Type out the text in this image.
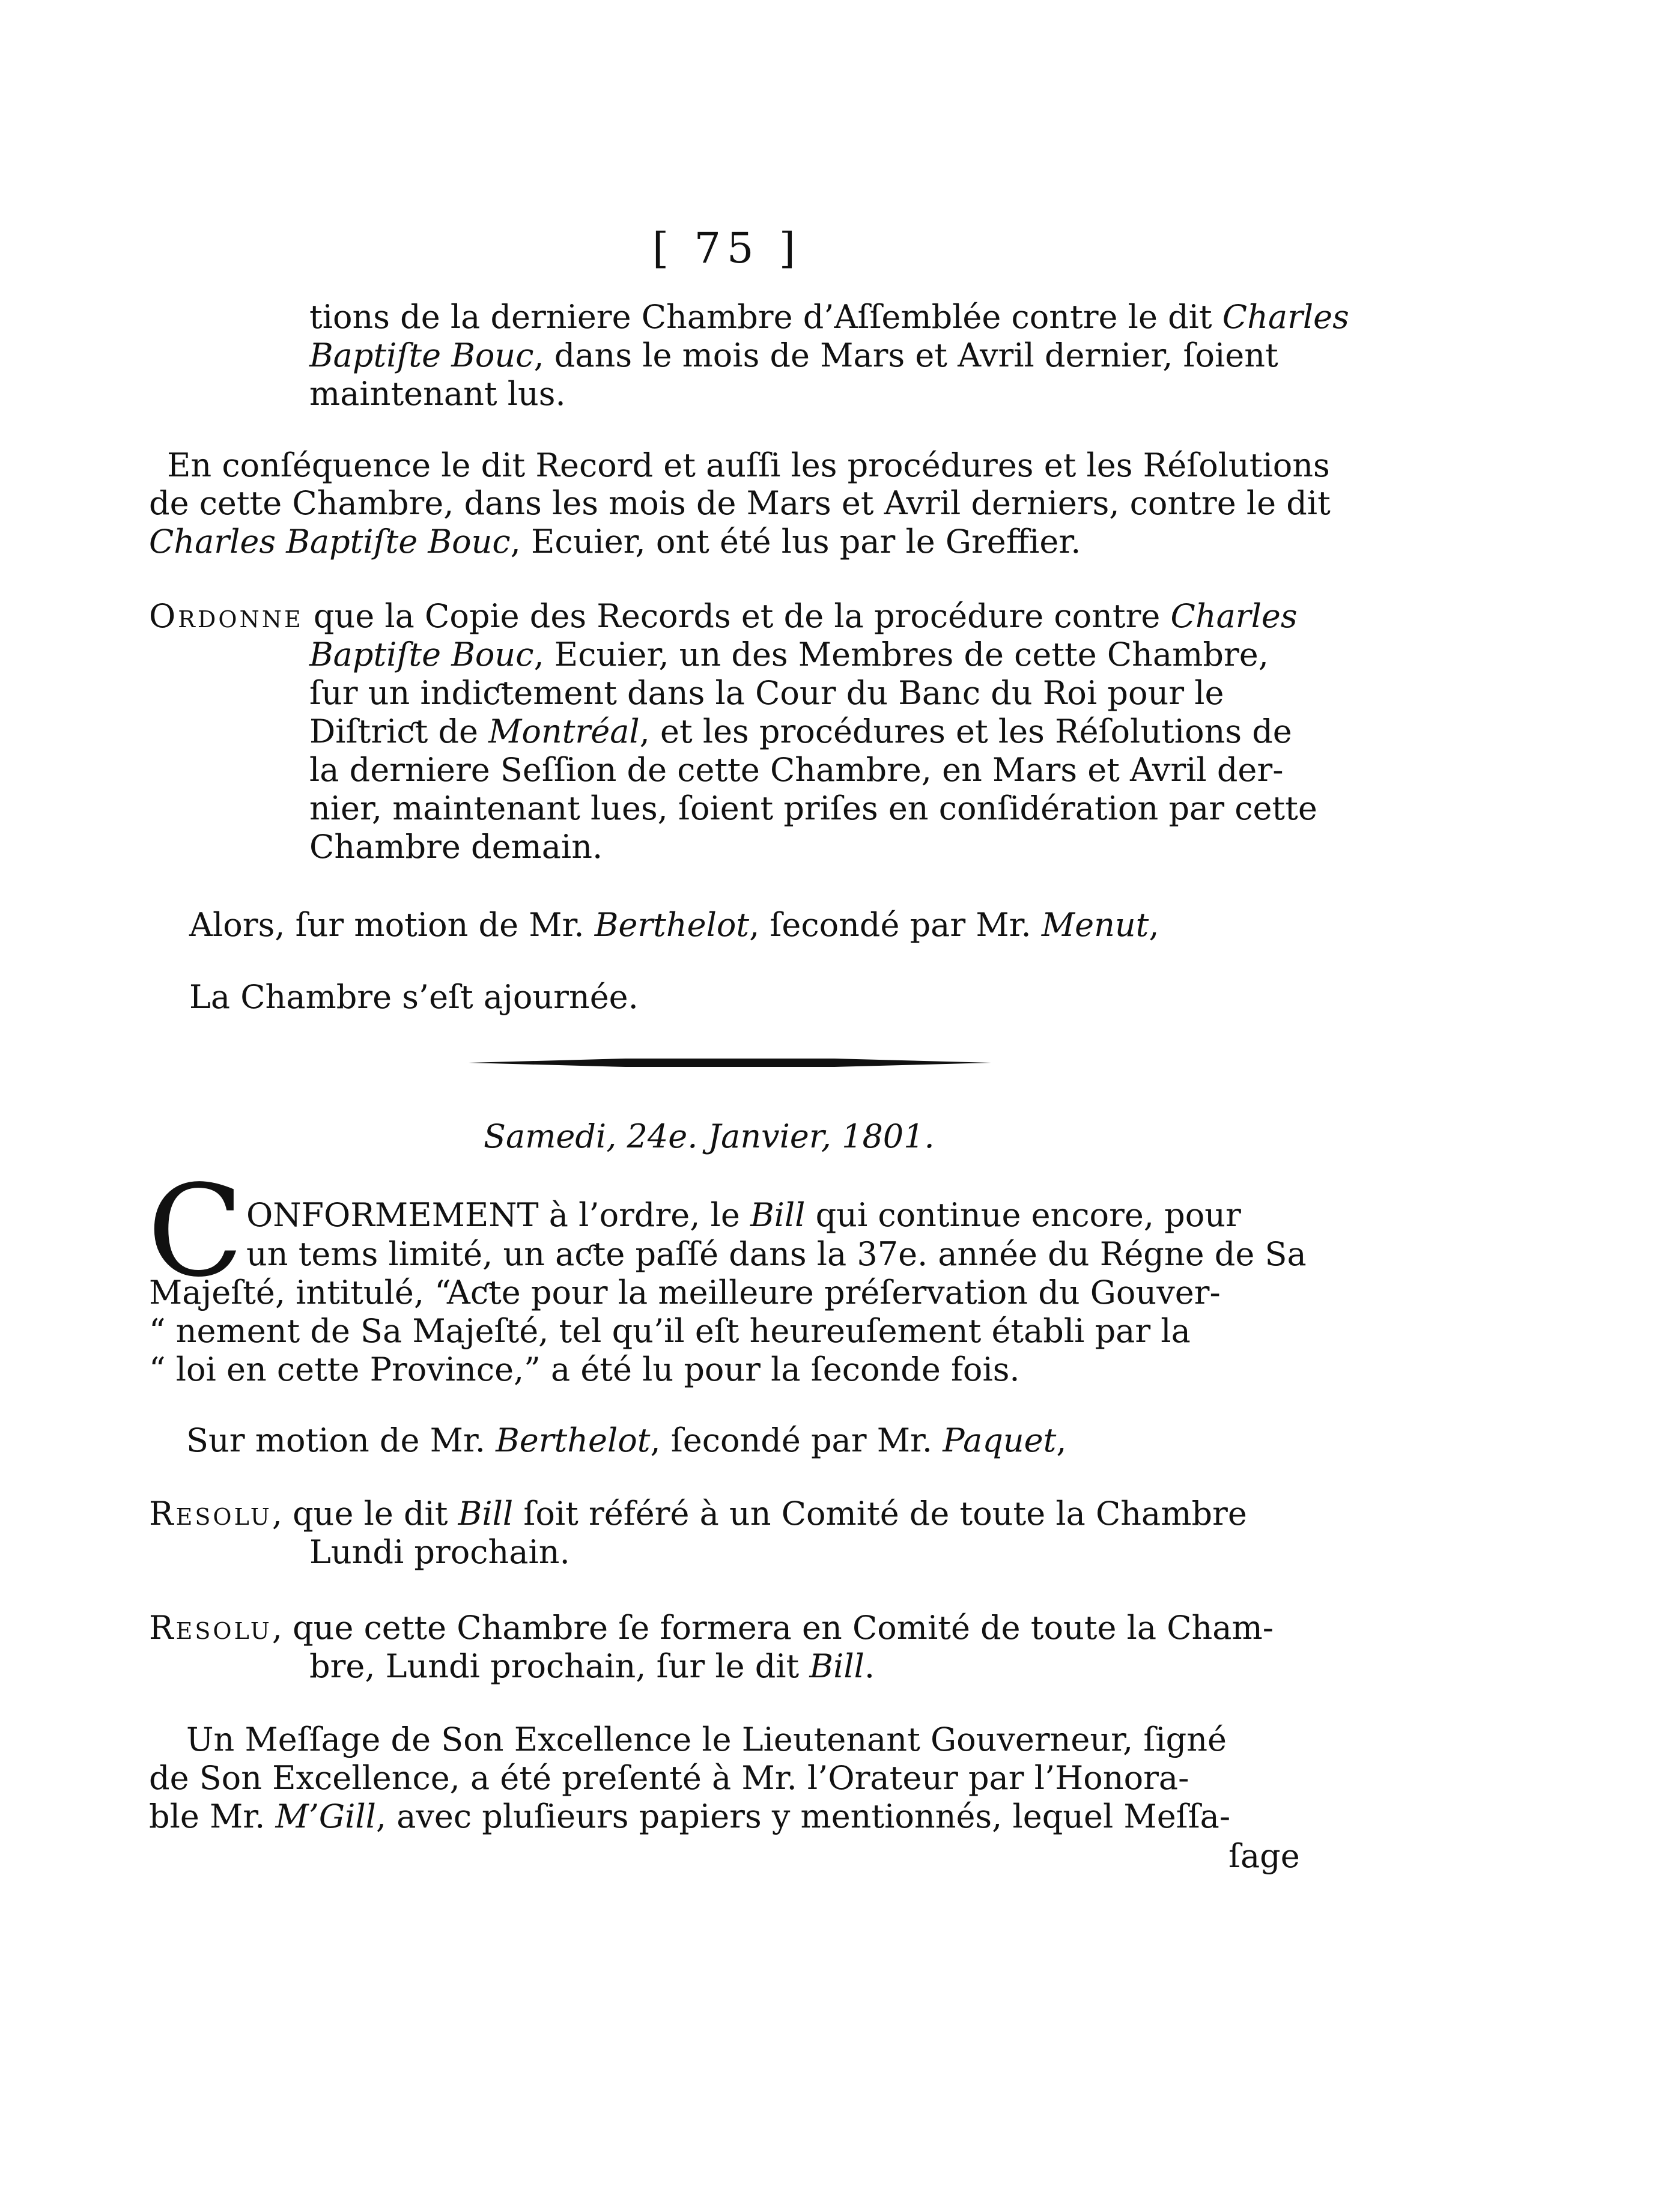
[ 75 ]
tions de la derniere Chambre d’Aſſemblée contre le dit Charles
Baptiſte Bouc, dans le mois de Mars et Avril dernier, ſoient
maintenant lus.
En conſéquence le dit Record et auſſi les procédures et les Réſolutions
de cette Chambre, dans les mois de Mars et Avril derniers, contre le dit
Charles Baptiſte Bouc, Ecuier, ont été lus par le Greffier.
Ordonne que la Copie des Records et de la procédure contre Charles
Baptiſte Bouc, Ecuier, un des Membres de cette Chambre,
ſur un indiƈtement dans la Cour du Banc du Roi pour le
Diſtriƈt de Montréal, et les procédures et les Réſolutions de
la derniere Seſſion de cette Chambre, en Mars et Avril der-
nier, maintenant lues, ſoient priſes en conſidération par cette
Chambre demain.
Alors, ſur motion de Mr. Berthelot, ſecondé par Mr. Menut,
La Chambre s’eſt ajournée.
Samedi, 24e. Janvier, 1801.
C ONFORMEMENT à l’ordre, le Bill qui continue encore, pour
un tems limité, un aƈte paſſé dans la 37e. année du Régne de Sa
Majeſté, intitulé, “Aƈte pour la meilleure préſervation du Gouver-
“ nement de Sa Majeſté, tel qu’il eſt heureuſement établi par la
“ loi en cette Province,” a été lu pour la ſeconde fois.
Sur motion de Mr. Berthelot, ſecondé par Mr. Paquet,
Resolu, que le dit Bill ſoit référé à un Comité de toute la Chambre
Lundi prochain.
Resolu, que cette Chambre ſe formera en Comité de toute la Cham-
bre, Lundi prochain, ſur le dit Bill.
Un Meſſage de Son Excellence le Lieutenant Gouverneur, ſigné
de Son Excellence, a été preſenté à Mr. l’Orateur par l’Honora-
ble Mr. M’Gill, avec pluſieurs papiers y mentionnés, lequel Meſſa-
ſage
